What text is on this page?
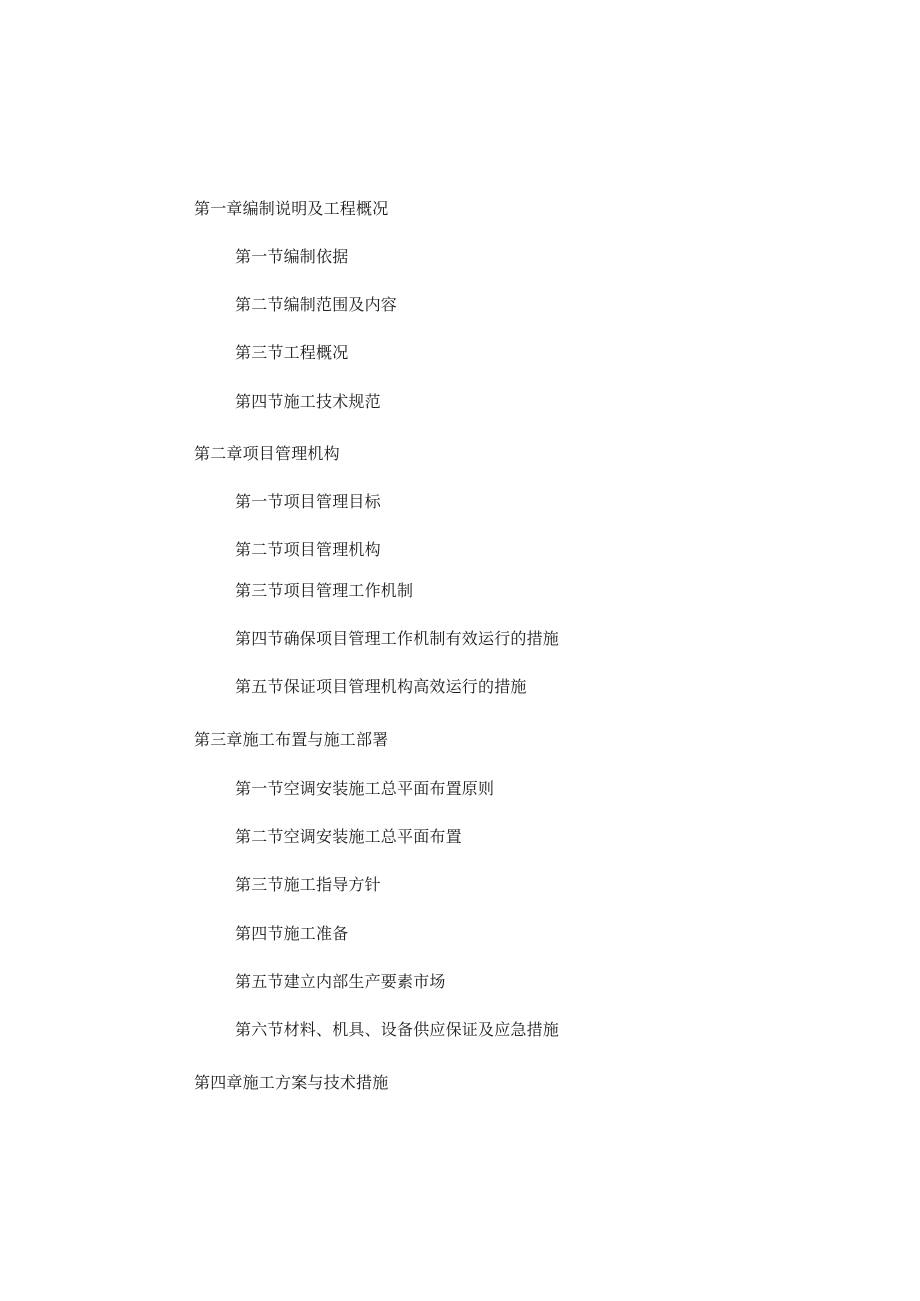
第一章编制说明及工程概况
第一节编制依据
第二节编制范围及内容
第三节工程概况
第四节施工技术规范
第二章项目管理机构
第一节项目管理目标
第二节项目管理机构
第三节项目管理工作机制
第四节确保项目管理工作机制有效运行的措施
第五节保证项目管理机构高效运行的措施
第三章施工布置与施工部署
第一节空调安装施工总平面布置原则
第二节空调安装施工总平面布置
第三节施工指导方针
第四节施工准备
第五节建立内部生产要素市场
第六节材料、机具、设备供应保证及应急措施
第四章施工方案与技术措施
